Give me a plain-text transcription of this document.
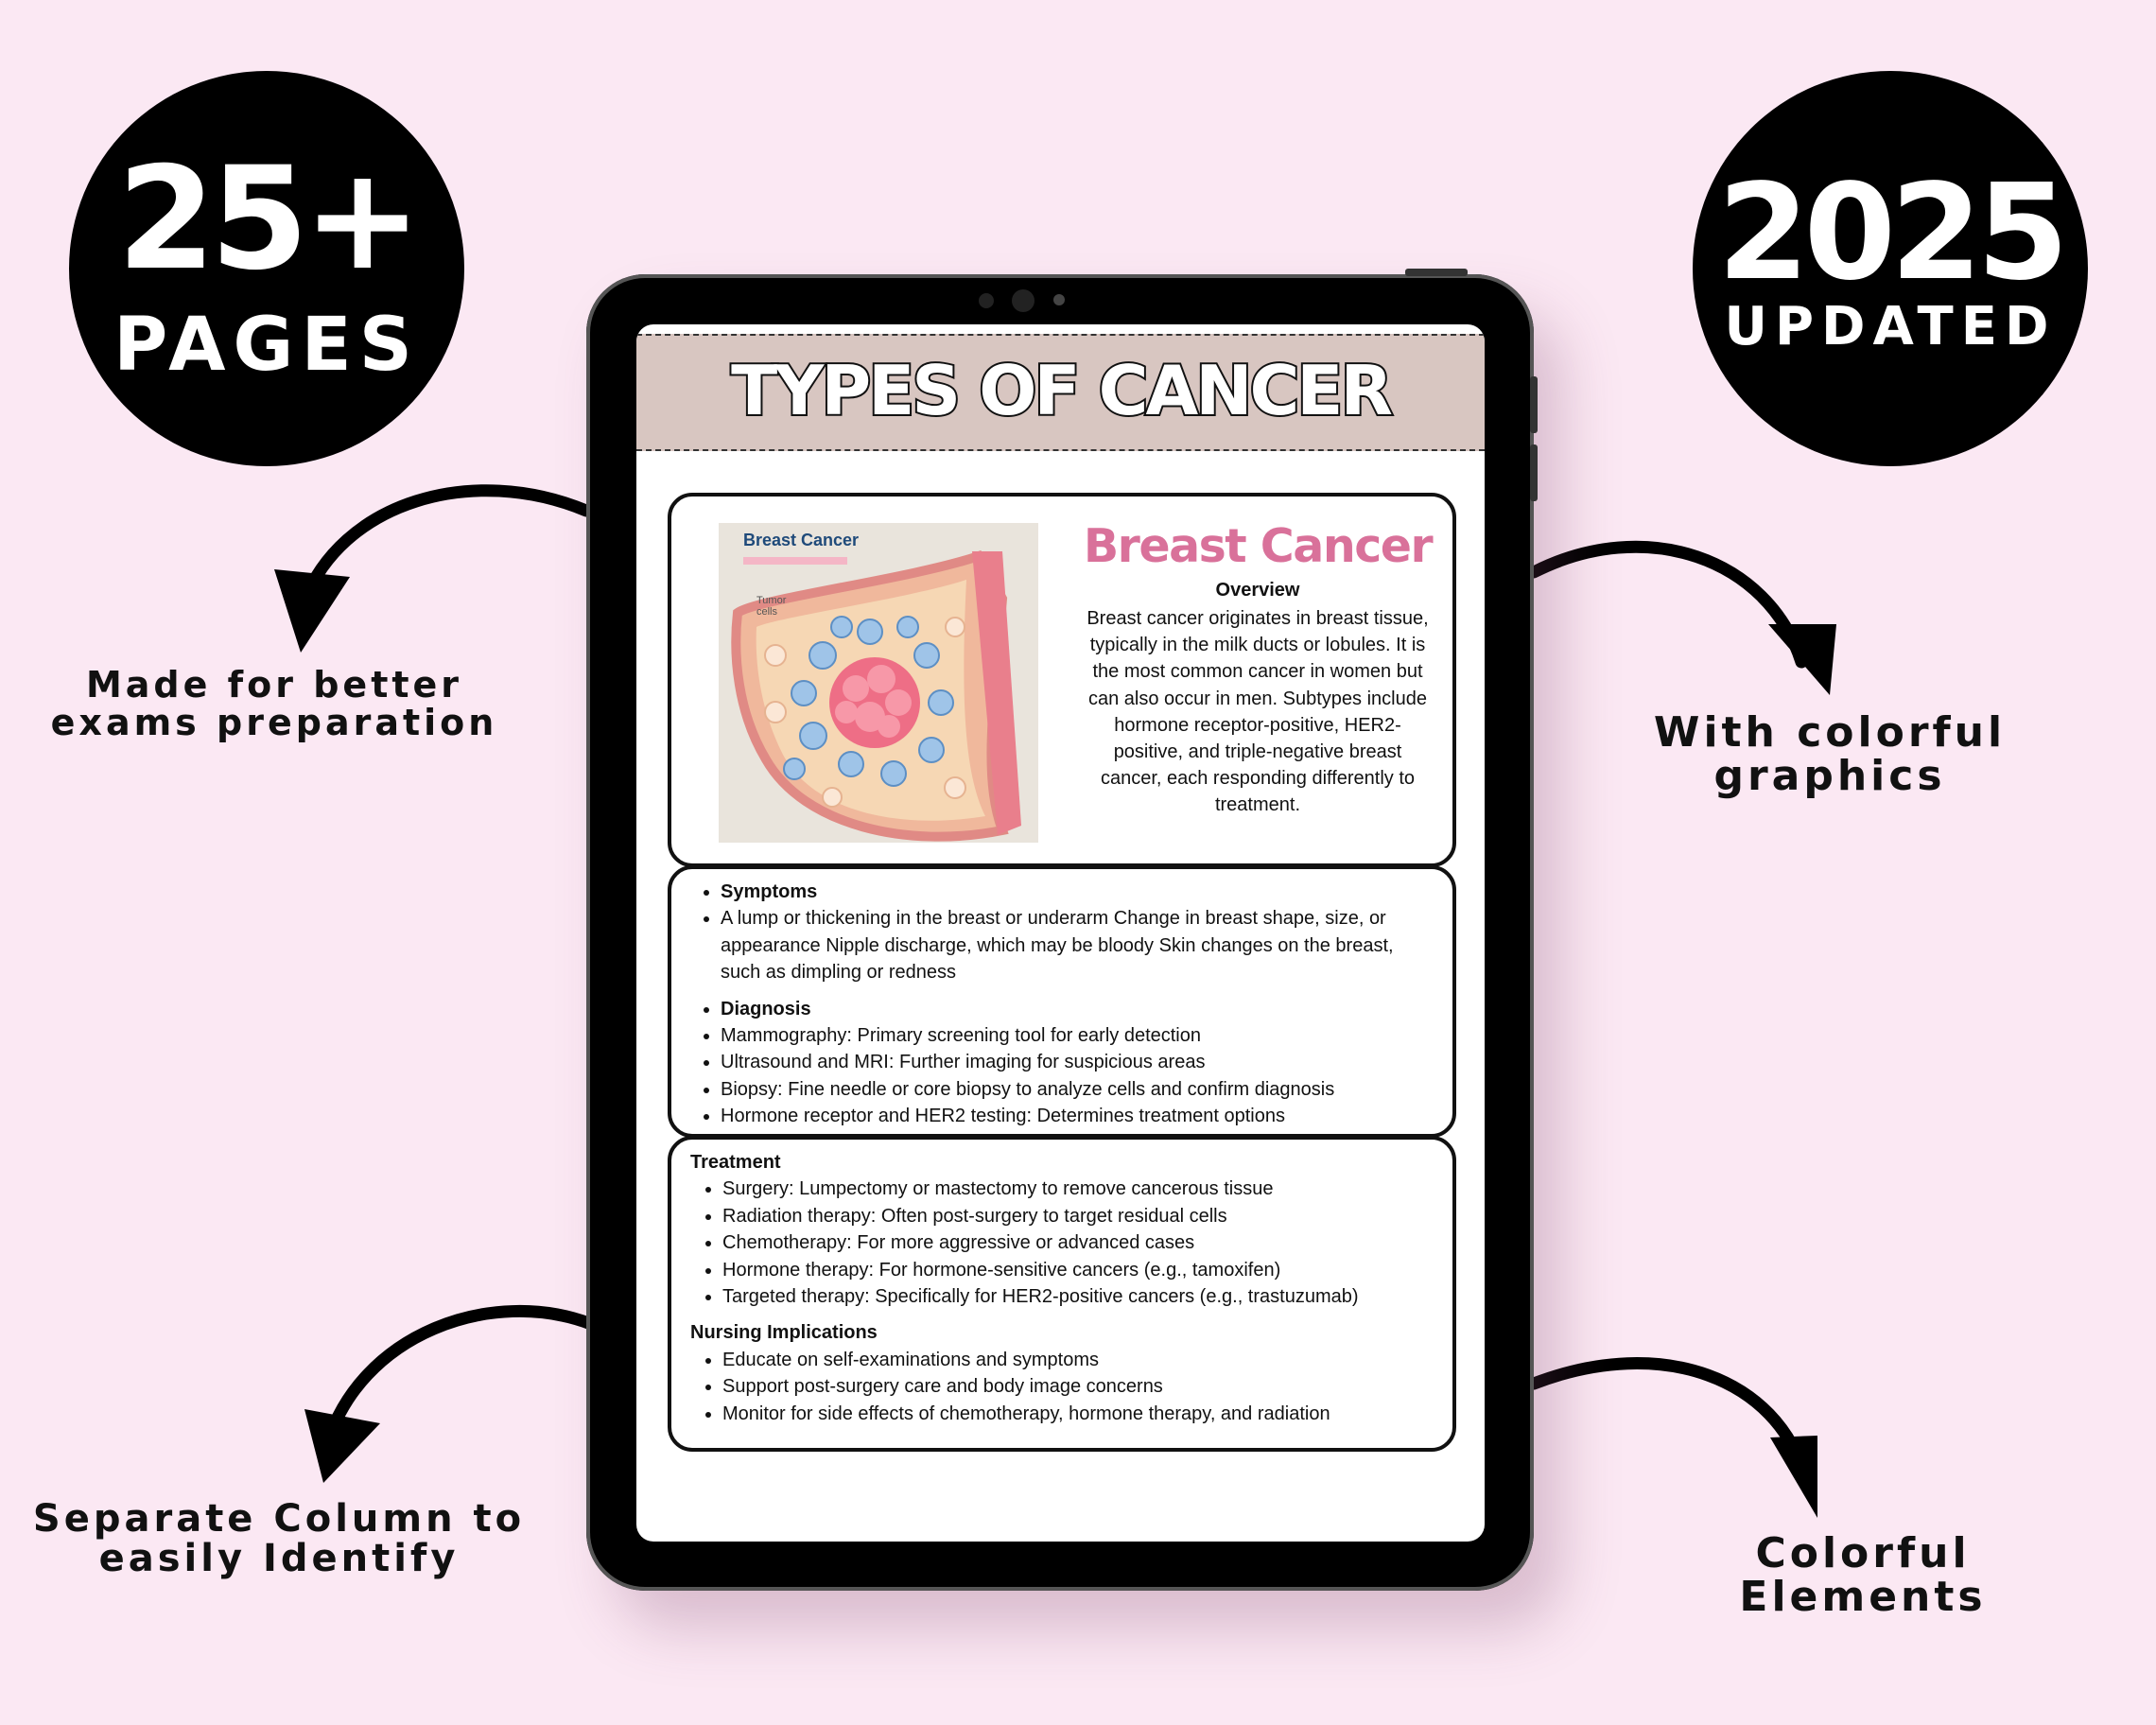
25+
PAGES
2025
UPDATED
Made for better
exams preparation	With colorful
graphics
Separate Column to
easily Identify	Colorful
Elements
TYPES OF CANCER
Breast Cancer
Tumor cells
Breast Cancer
Overview
Breast cancer originates in breast tissue, typically in the milk ducts or lobules. It is the most common cancer in women but can also occur in men. Subtypes include hormone receptor-positive, HER2-positive, and triple-negative breast cancer, each responding differently to treatment.
• Symptoms
• A lump or thickening in the breast or underarm Change in breast shape, size, or appearance Nipple discharge, which may be bloody Skin changes on the breast, such as dimpling or redness
• Diagnosis
• Mammography: Primary screening tool for early detection
• Ultrasound and MRI: Further imaging for suspicious areas
• Biopsy: Fine needle or core biopsy to analyze cells and confirm diagnosis
• Hormone receptor and HER2 testing: Determines treatment options
Treatment
• Surgery: Lumpectomy or mastectomy to remove cancerous tissue
• Radiation therapy: Often post-surgery to target residual cells
• Chemotherapy: For more aggressive or advanced cases
• Hormone therapy: For hormone-sensitive cancers (e.g., tamoxifen)
• Targeted therapy: Specifically for HER2-positive cancers (e.g., trastuzumab)
Nursing Implications
• Educate on self-examinations and symptoms
• Support post-surgery care and body image concerns
• Monitor for side effects of chemotherapy, hormone therapy, and radiation
